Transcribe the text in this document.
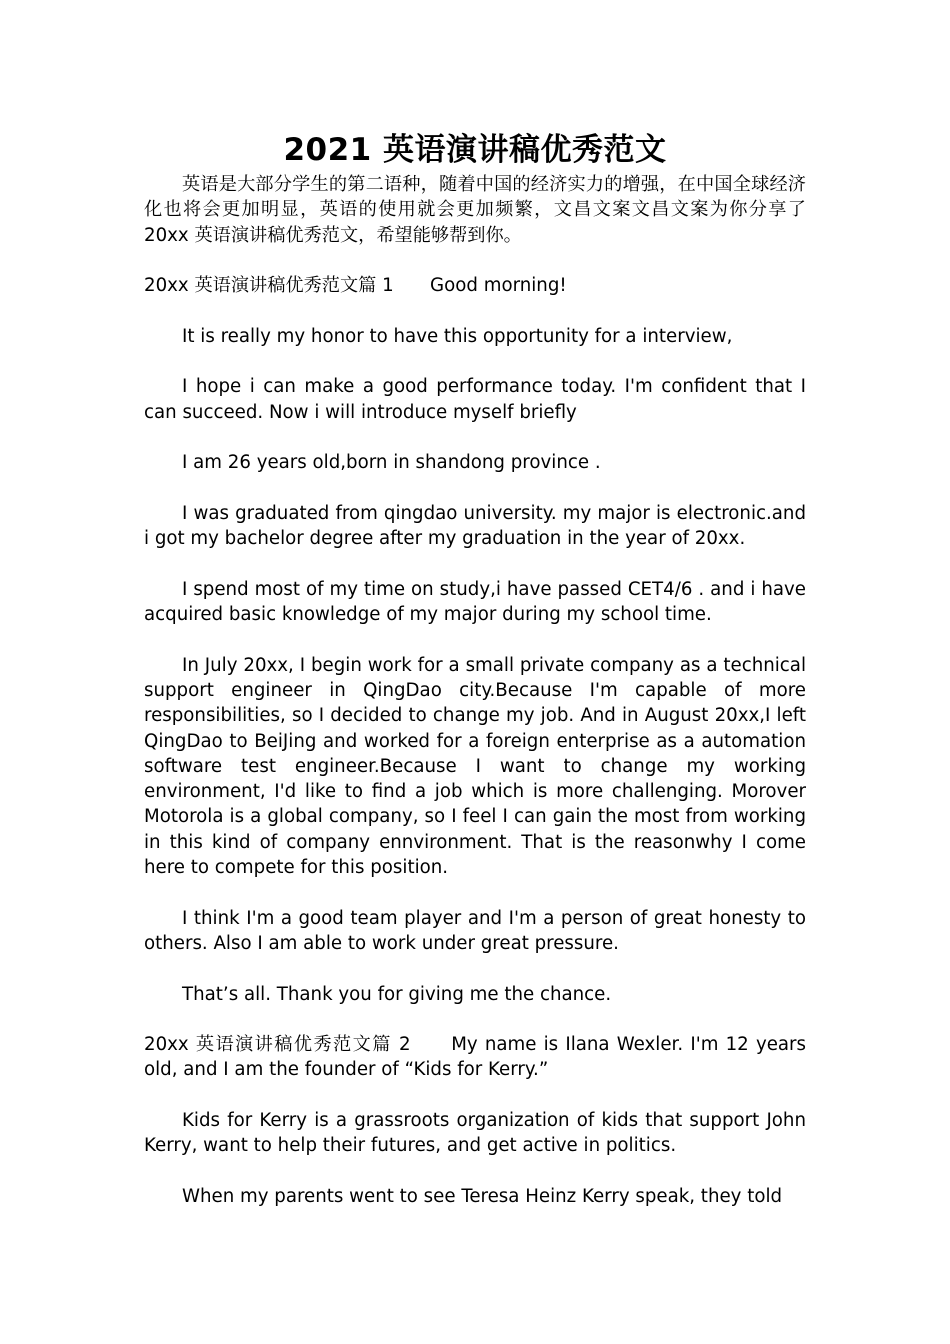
2021 英语演讲稿优秀范文

英语是大部分学生的第二语种，随着中国的经济实力的增强，在中国全球经济化也将会更加明显，英语的使用就会更加频繁，文昌文案文昌文案为你分享了 20xx 英语演讲稿优秀范文，希望能够帮到你。

20xx 英语演讲稿优秀范文篇 1　　Good morning!

It is really my honor to have this opportunity for a interview,

I hope i can make a good performance today. I'm confident that I can succeed. Now i will introduce myself briefly

I am 26 years old,born in shandong province .

I was graduated from qingdao university. my major is electronic.and i got my bachelor degree after my graduation in the year of 20xx.

I spend most of my time on study,i have passed CET4/6 . and i have acquired basic knowledge of my major during my school time.

In July 20xx, I begin work for a small private company as a technical support engineer in QingDao city.Because I'm capable of more responsibilities, so I decided to change my job. And in August 20xx,I left QingDao to BeiJing and worked for a foreign enterprise as a automation software test engineer.Because I want to change my working environment, I'd like to find a job which is more challenging. Morover Motorola is a global company, so I feel I can gain the most from working in this kind of company ennvironment. That is the reasonwhy I come here to compete for this position.

I think I'm a good team player and I'm a person of great honesty to others. Also I am able to work under great pressure.

That’s all. Thank you for giving me the chance.

20xx 英语演讲稿优秀范文篇 2　　My name is Ilana Wexler. I'm 12 years old, and I am the founder of “Kids for Kerry.”

Kids for Kerry is a grassroots organization of kids that support John Kerry, want to help their futures, and get active in politics.

When my parents went to see Teresa Heinz Kerry speak, they told
